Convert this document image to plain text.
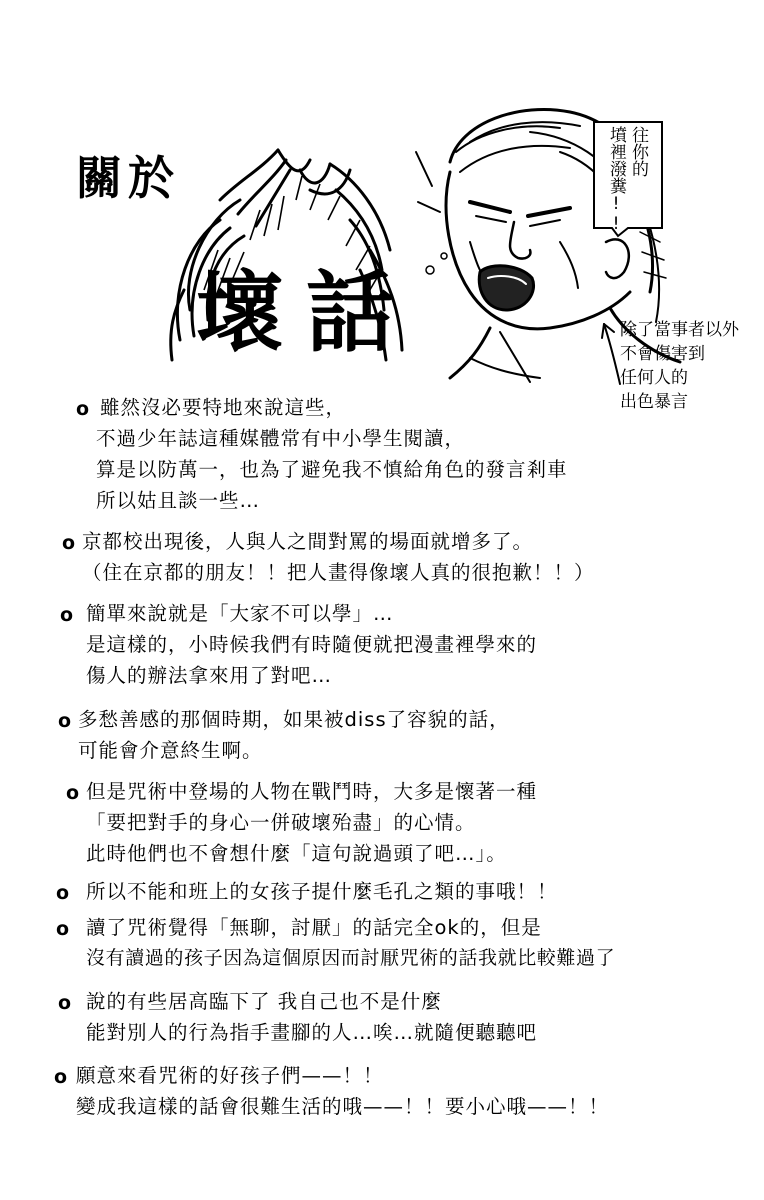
關於
壞話
往你的
墳裡潑糞!!
除了當事者以外
不會傷害到
任何人的
出色暴言
o 雖然沒必要特地來說這些，
不過少年誌這種媒體常有中小學生閱讀，
算是以防萬一，也為了避免我不慎給角色的發言剎車
所以姑且談一些…
o 京都校出現後，人與人之間對罵的場面就增多了。
（住在京都的朋友！！把人畫得像壞人真的很抱歉！！）
o 簡單來說就是「大家不可以學」…
是這樣的，小時候我們有時隨便就把漫畫裡學來的
傷人的辦法拿來用了對吧…
o 多愁善感的那個時期，如果被diss了容貌的話，
可能會介意終生啊。
o 但是咒術中登場的人物在戰鬥時，大多是懷著一種
「要把對手的身心一併破壞殆盡」的心情。
此時他們也不會想什麼「這句說過頭了吧…」。
o 所以不能和班上的女孩子提什麼毛孔之類的事哦！！
o 讀了咒術覺得「無聊，討厭」的話完全ok的，但是
沒有讀過的孩子因為這個原因而討厭咒術的話我就比較難過了
o 說的有些居高臨下了 我自己也不是什麼
能對別人的行為指手畫腳的人…唉…就隨便聽聽吧
o 願意來看咒術的好孩子們——！！
變成我這樣的話會很難生活的哦——！！要小心哦——！！
